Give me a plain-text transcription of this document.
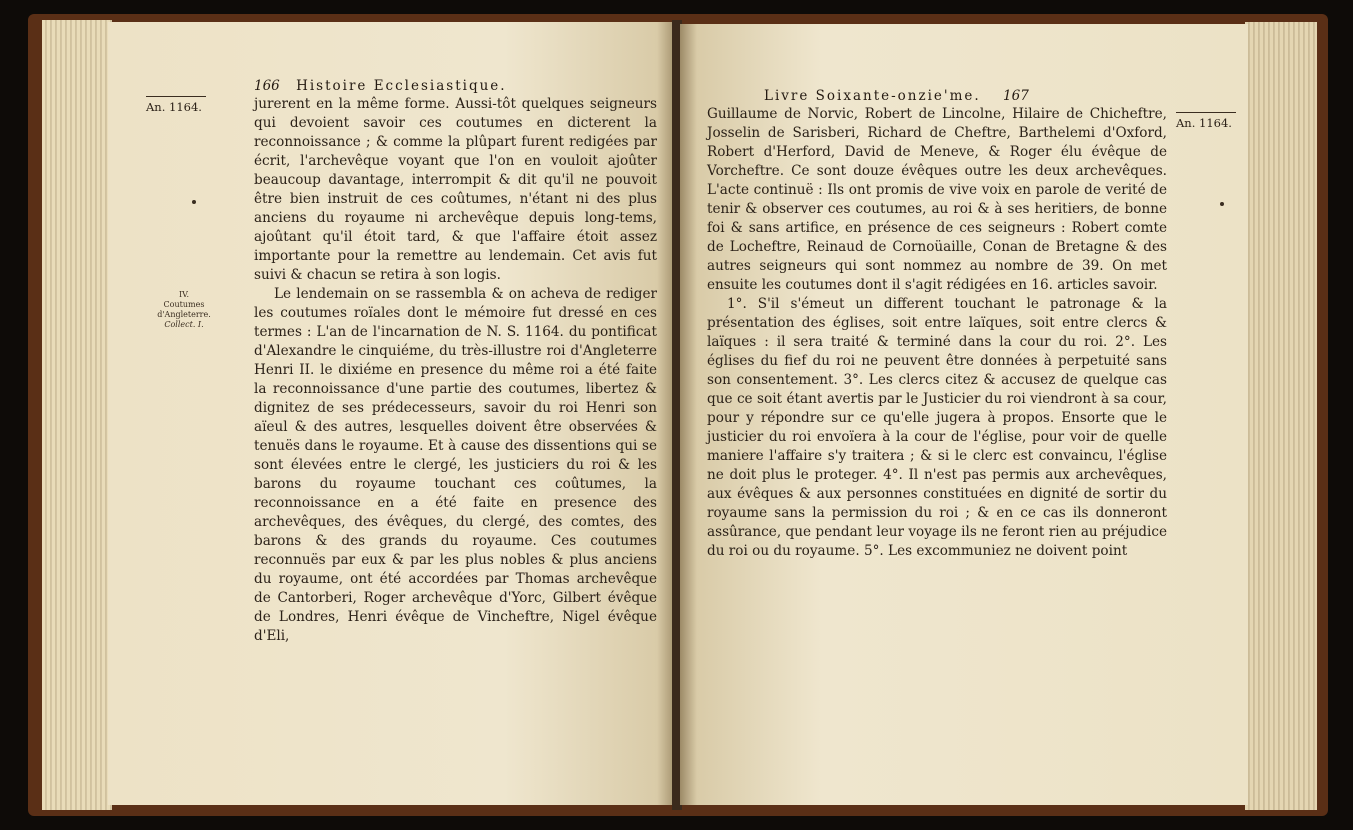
166 Histoire Ecclesiastique.
An. 1164.
IV.
Coutumes
d'Angleterre.
Collect. I.

jurerent en la même forme. Aussi-tôt quelques seigneurs qui devoient savoir ces coutumes en dicterent la reconnoissance ; & comme la plûpart furent redigées par écrit, l'archevêque voyant que l'on en vouloit ajoûter beaucoup davantage, interrompit & dit qu'il ne pouvoit être bien instruit de ces coûtumes, n'étant ni des plus anciens du royaume ni archevêque depuis long-tems, ajoûtant qu'il étoit tard, & que l'affaire étoit assez importante pour la remettre au lendemain. Cet avis fut suivi & chacun se retira à son logis.

Le lendemain on se rassembla & on acheva de rediger les coutumes roïales dont le mémoire fut dressé en ces termes : L'an de l'incarnation de N. S. 1164. du pontificat d'Alexandre le cinquiéme, du très-illustre roi d'Angleterre Henri II. le dixiéme en presence du même roi a été faite la reconnoissance d'une partie des coutumes, libertez & dignitez de ses prédecesseurs, savoir du roi Henri son aïeul & des autres, lesquelles doivent être observées & tenuës dans le royaume. Et à cause des dissentions qui se sont élevées entre le clergé, les justiciers du roi & les barons du royaume touchant ces coûtumes, la reconnoissance en a été faite en presence des archevêques, des évêques, du clergé, des comtes, des barons & des grands du royaume. Ces coutumes reconnuës par eux & par les plus nobles & plus anciens du royaume, ont été accordées par Thomas archevêque de Cantorberi, Roger archevêque d'Yorc, Gilbert évêque de Londres, Henri évêque de Vincheftre, Nigel évêque d'Eli,

Livre Soixante-onzie'me. 167
An. 1164.

Guillaume de Norvic, Robert de Lincolne, Hilaire de Chicheftre, Josselin de Sarisberi, Richard de Cheftre, Barthelemi d'Oxford, Robert d'Herford, David de Meneve, & Roger élu évêque de Vorcheftre. Ce sont douze évêques outre les deux archevêques. L'acte continuë : Ils ont promis de vive voix en parole de verité de tenir & observer ces coutumes, au roi & à ses heritiers, de bonne foi & sans artifice, en présence de ces seigneurs : Robert comte de Locheftre, Reinaud de Cornoüaille, Conan de Bretagne & des autres seigneurs qui sont nommez au nombre de 39. On met ensuite les coutumes dont il s'agit rédigées en 16. articles savoir.

1°. S'il s'émeut un different touchant le patronage & la présentation des églises, soit entre laïques, soit entre clercs & laïques : il sera traité & terminé dans la cour du roi. 2°. Les églises du fief du roi ne peuvent être données à perpetuité sans son consentement. 3°. Les clercs citez & accusez de quelque cas que ce soit étant avertis par le Justicier du roi viendront à sa cour, pour y répondre sur ce qu'elle jugera à propos. Ensorte que le justicier du roi envoïera à la cour de l'église, pour voir de quelle maniere l'affaire s'y traitera ; & si le clerc est convaincu, l'église ne doit plus le proteger. 4°. Il n'est pas permis aux archevêques, aux évêques & aux personnes constituées en dignité de sortir du royaume sans la permission du roi ; & en ce cas ils donneront assûrance, que pendant leur voyage ils ne feront rien au préjudice du roi ou du royaume. 5°. Les excommuniez ne doivent point
